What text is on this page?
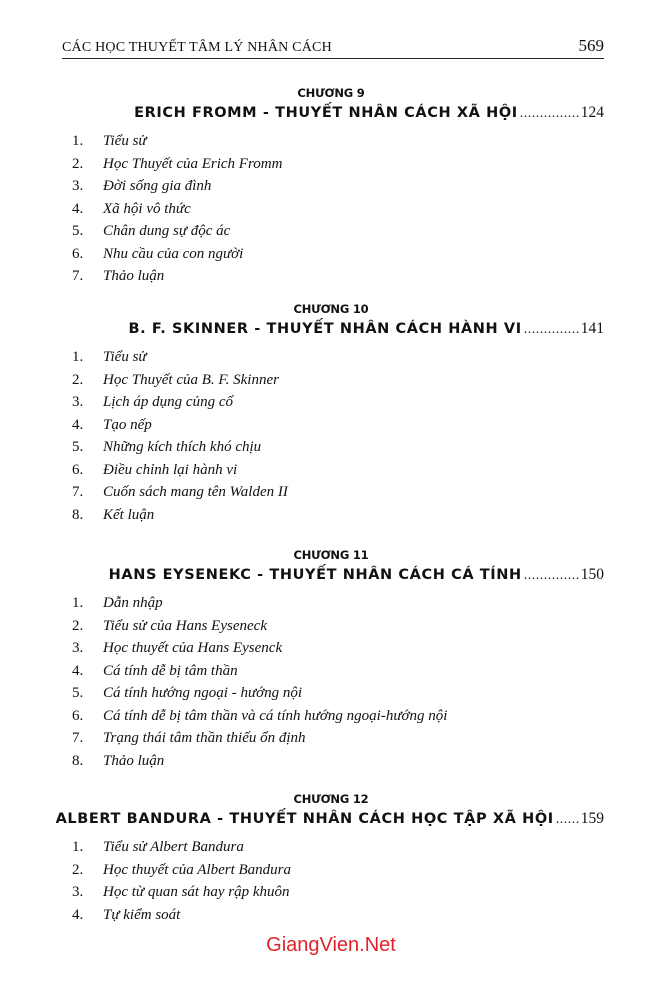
CÁC HỌC THUYẾT TÂM LÝ NHÂN CÁCH	569
CHƯƠNG 9
ERICH FROMM - THUYẾT NHÂN CÁCH XÃ HỘI ............... 124
1. Tiểu sử
2. Học Thuyết của Erich Fromm
3. Đời sống gia đình
4. Xã hội vô thức
5. Chân dung sự độc ác
6. Nhu cầu của con người
7. Thảo luận
CHƯƠNG 10
B. F. SKINNER - THUYẾT NHÂN CÁCH HÀNH VI .............. 141
1. Tiểu sử
2. Học Thuyết của B. F. Skinner
3. Lịch áp dụng củng cố
4. Tạo nếp
5. Những kích thích khó chịu
6. Điều chỉnh lại hành vi
7. Cuốn sách mang tên Walden II
8. Kết luận
CHƯƠNG 11
HANS EYSENEKC - THUYẾT NHÂN CÁCH CÁ TÍNH .............. 150
1. Dẫn nhập
2. Tiểu sử của Hans Eyseneck
3. Học thuyết của Hans Eysenck
4. Cá tính dễ bị tâm thần
5. Cá tính hướng ngoại - hướng nội
6. Cá tính dễ bị tâm thần và cá tính hướng ngoại-hướng nội
7. Trạng thái tâm thần thiếu ổn định
8. Thảo luận
CHƯƠNG 12
ALBERT BANDURA - THUYẾT NHÂN CÁCH HỌC TẬP XÃ HỘI ...... 159
1. Tiểu sử Albert Bandura
2. Học thuyết của Albert Bandura
3. Học từ quan sát hay rập khuôn
4. Tự kiểm soát
GiangVien.Net
